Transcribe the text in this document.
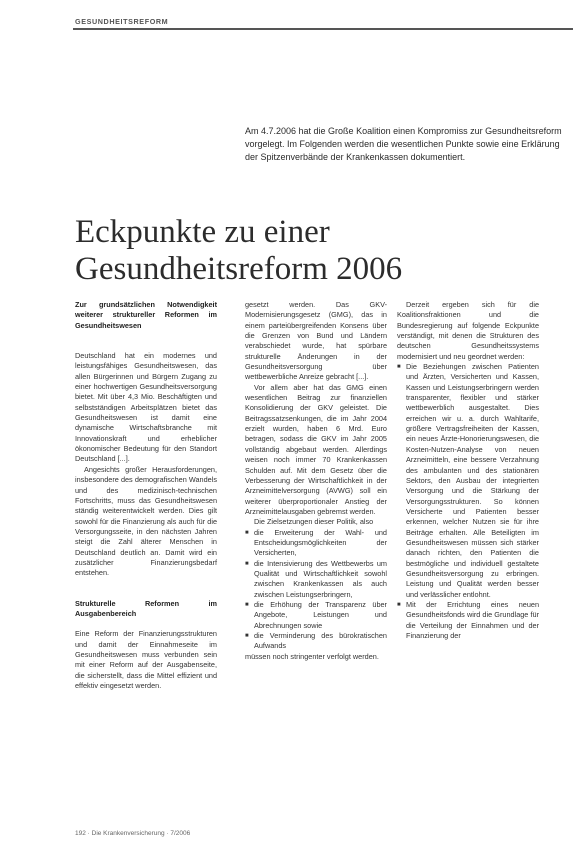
GESUNDHEITSREFORM
Am 4.7.2006 hat die Große Koalition einen Kompromiss zur Gesundheitsreform vorgelegt. Im Folgenden werden die wesentlichen Punkte sowie eine Erklärung der Spitzenverbände der Krankenkassen dokumentiert.
Eckpunkte zu einer Gesundheitsreform 2006

Zur grundsätzlichen Notwendigkeit weiterer struktureller Reformen im Gesundheitswesen

Deutschland hat ein modernes und leistungsfähiges Gesundheitswesen, das allen Bürgerinnen und Bürgern Zugang zu einer hochwertigen Gesundheitsversorgung bietet. Mit über 4,3 Mio. Beschäftigten und selbstständigen Arbeitsplätzen bietet das Gesundheitswesen ist damit eine dynamische Wirtschaftsbranche mit Innovationskraft und erheblicher ökonomischer Bedeutung für den Standort Deutschland [...].

Angesichts großer Herausforderungen, insbesondere des demografischen Wandels und des medizinisch-technischen Fortschritts, muss das Gesundheitswesen ständig weiterentwickelt werden. Dies gilt sowohl für die Finanzierung als auch für die Versorgungsseite, in den nächsten Jahren steigt die Zahl älterer Menschen in Deutschland deutlich an. Damit wird ein zusätzlicher Finanzierungsbedarf entstehen.

Strukturelle Reformen im Ausgabenbereich

Eine Reform der Finanzierungsstrukturen und damit der Einnahmeseite im Gesundheitswesen muss verbunden sein mit einer Reform auf der Ausgabenseite, die sicherstellt, dass die Mittel effizient und effektiv eingesetzt werden.

gesetzt werden. Das GKV-Modernisierungsgesetz (GMG), das in einem parteiübergreifenden Konsens über die Grenzen von Bund und Ländern verabschiedet wurde, hat spürbare strukturelle Änderungen in der Gesundheitsversorgung über wettbewerbliche Anreize gebracht [...].

Vor allem aber hat das GMG einen wesentlichen Beitrag zur finanziellen Konsolidierung der GKV geleistet. Die Beitragssatzsenkungen, die im Jahr 2004 erzielt wurden, haben 6 Mrd. Euro betragen, sodass die GKV im Jahr 2005 vollständig abgebaut werden. Allerdings weisen noch immer 70 Krankenkassen Schulden auf. Mit dem Gesetz über die Verbesserung der Wirtschaftlichkeit in der Arzneimittelversorgung (AVWG) soll ein weiterer überproportionaler Anstieg der Arzneimittelausgaben gebremst werden.

Die Zielsetzungen dieser Politik, also

■ die Erweiterung der Wahl- und Entscheidungsmöglichkeiten der Versicherten,
■ die Intensivierung des Wettbewerbs um Qualität und Wirtschaftlichkeit sowohl zwischen Krankenkassen als auch zwischen Leistungserbringern,
■ die Erhöhung der Transparenz über Angebote, Leistungen und Abrechnungen sowie
■ die Verminderung des bürokratischen Aufwands

müssen noch stringenter verfolgt werden.

Derzeit ergeben sich für die Koalitionsfraktionen und die Bundesregierung auf folgende Eckpunkte verständigt, mit denen die Strukturen des deutschen Gesundheitssystems modernisiert und neu geordnet werden:

■ Die Beziehungen zwischen Patienten und Ärzten, Versicherten und Kassen, Kassen und Leistungserbringern werden transparenter, flexibler und stärker wettbewerblich ausgestaltet. Dies erreichen wir u. a. durch Wahltarife, größere Vertragsfreiheiten der Kassen, ein neues Ärzte-Honorierungswesen, die Kosten-Nutzen-Analyse von neuen Arzneimitteln, eine bessere Verzahnung des ambulanten und des stationären Sektors, den Ausbau der integrierten Versorgung und die Stärkung der Versorgungsstrukturen. So können Versicherte und Patienten besser erkennen, welcher Nutzen sie für ihre Beiträge erhalten. Alle Beteiligten im Gesundheitswesen müssen sich stärker danach richten, den Patienten die bestmögliche und individuell gestaltete Gesundheitsversorgung zu erbringen. Leistung und Qualität werden besser und verlässlicher entlohnt.
■ Mit der Errichtung eines neuen Gesundheitsfonds wird die Grundlage für die Verteilung der Einnahmen und der Finanzierung der
192 · Die Krankenversicherung · 7/2006
